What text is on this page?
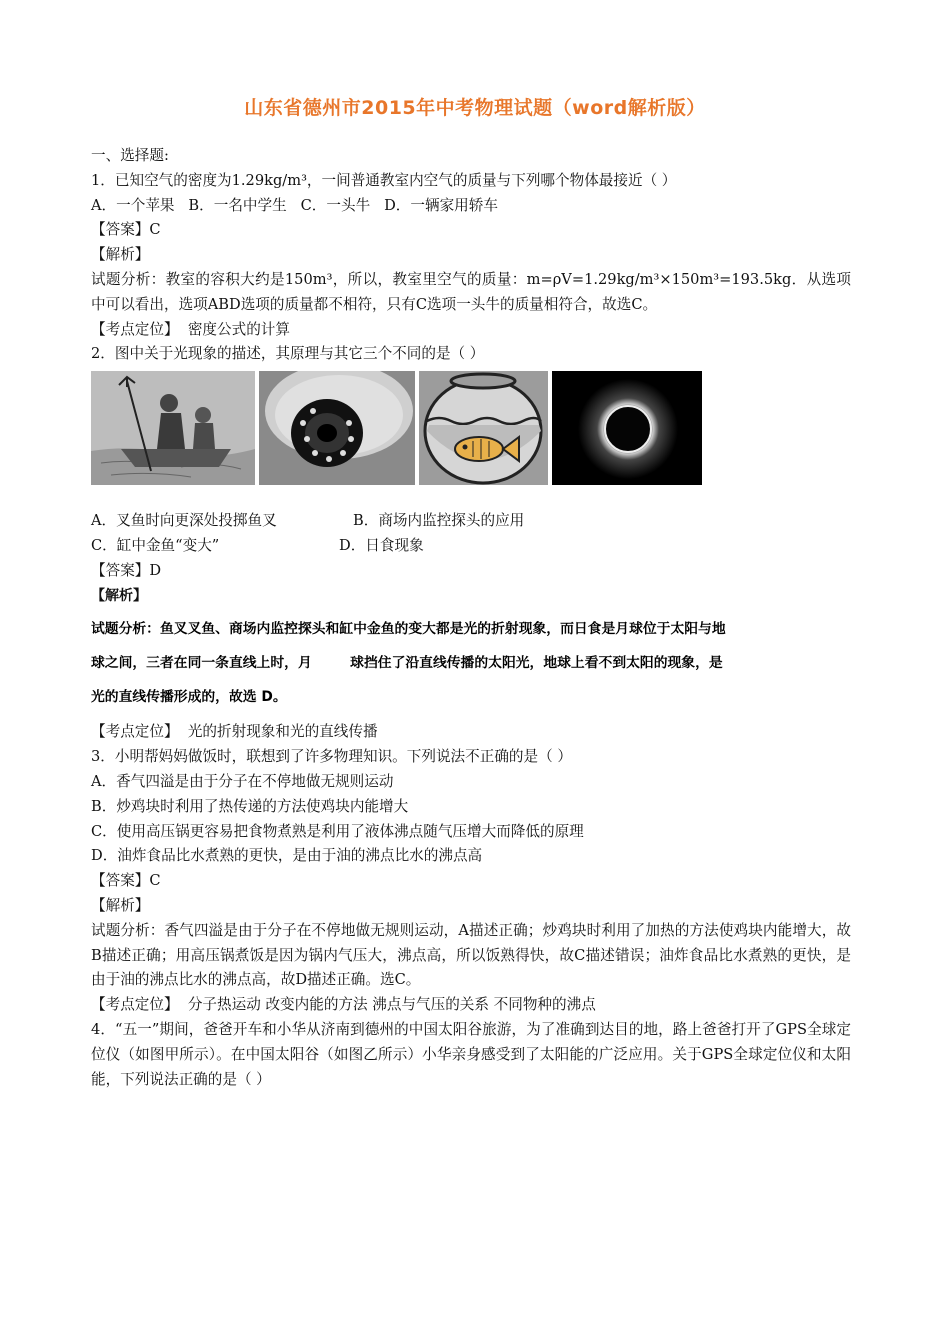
山东省德州市2015年中考物理试题（word解析版）
一、选择题:
1．已知空气的密度为1.29kg/m³，一间普通教室内空气的质量与下列哪个物体最接近（ ）
A．一个苹果   B．一名中学生   C．一头牛   D．一辆家用轿车
【答案】C
【解析】
试题分析：教室的容积大约是150m³，所以，教室里空气的质量：m=ρV=1.29kg/m³×150m³=193.5kg．从选项中可以看出，选项ABD选项的质量都不相符，只有C选项一头牛的质量相符合，故选C。
【考点定位】  密度公式的计算
2．图中关于光现象的描述，其原理与其它三个不同的是（ ）
A．叉鱼时向更深处投掷鱼叉	B．商场内监控探头的应用
C．缸中金鱼“变大”	D．日食现象
【答案】D
【解析】
试题分析：鱼叉叉鱼、商场内监控探头和缸中金鱼的变大都是光的折射现象，而日食是月球位于太阳与地
球之间，三者在同一条直线上时，月        球挡住了沿直线传播的太阳光，地球上看不到太阳的现象，是
光的直线传播形成的，故选 D。
【考点定位】  光的折射现象和光的直线传播
3．小明帮妈妈做饭时，联想到了许多物理知识。下列说法不正确的是（ ）
A．香气四溢是由于分子在不停地做无规则运动
B．炒鸡块时利用了热传递的方法使鸡块内能增大
C．使用高压锅更容易把食物煮熟是利用了液体沸点随气压增大而降低的原理
D．油炸食品比水煮熟的更快，是由于油的沸点比水的沸点高
【答案】C
【解析】
试题分析：香气四溢是由于分子在不停地做无规则运动，A描述正确；炒鸡块时利用了加热的方法使鸡块内能增大，故B描述正确；用高压锅煮饭是因为锅内气压大，沸点高，所以饭熟得快，故C描述错误；油炸食品比水煮熟的更快，是由于油的沸点比水的沸点高，故D描述正确。选C。
【考点定位】  分子热运动 改变内能的方法 沸点与气压的关系 不同物种的沸点
4．“五一”期间，爸爸开车和小华从济南到德州的中国太阳谷旅游，为了准确到达目的地，路上爸爸打开了GPS全球定位仪（如图甲所示）。在中国太阳谷（如图乙所示）小华亲身感受到了太阳能的广泛应用。关于GPS全球定位仪和太阳能，下列说法正确的是（ ）
